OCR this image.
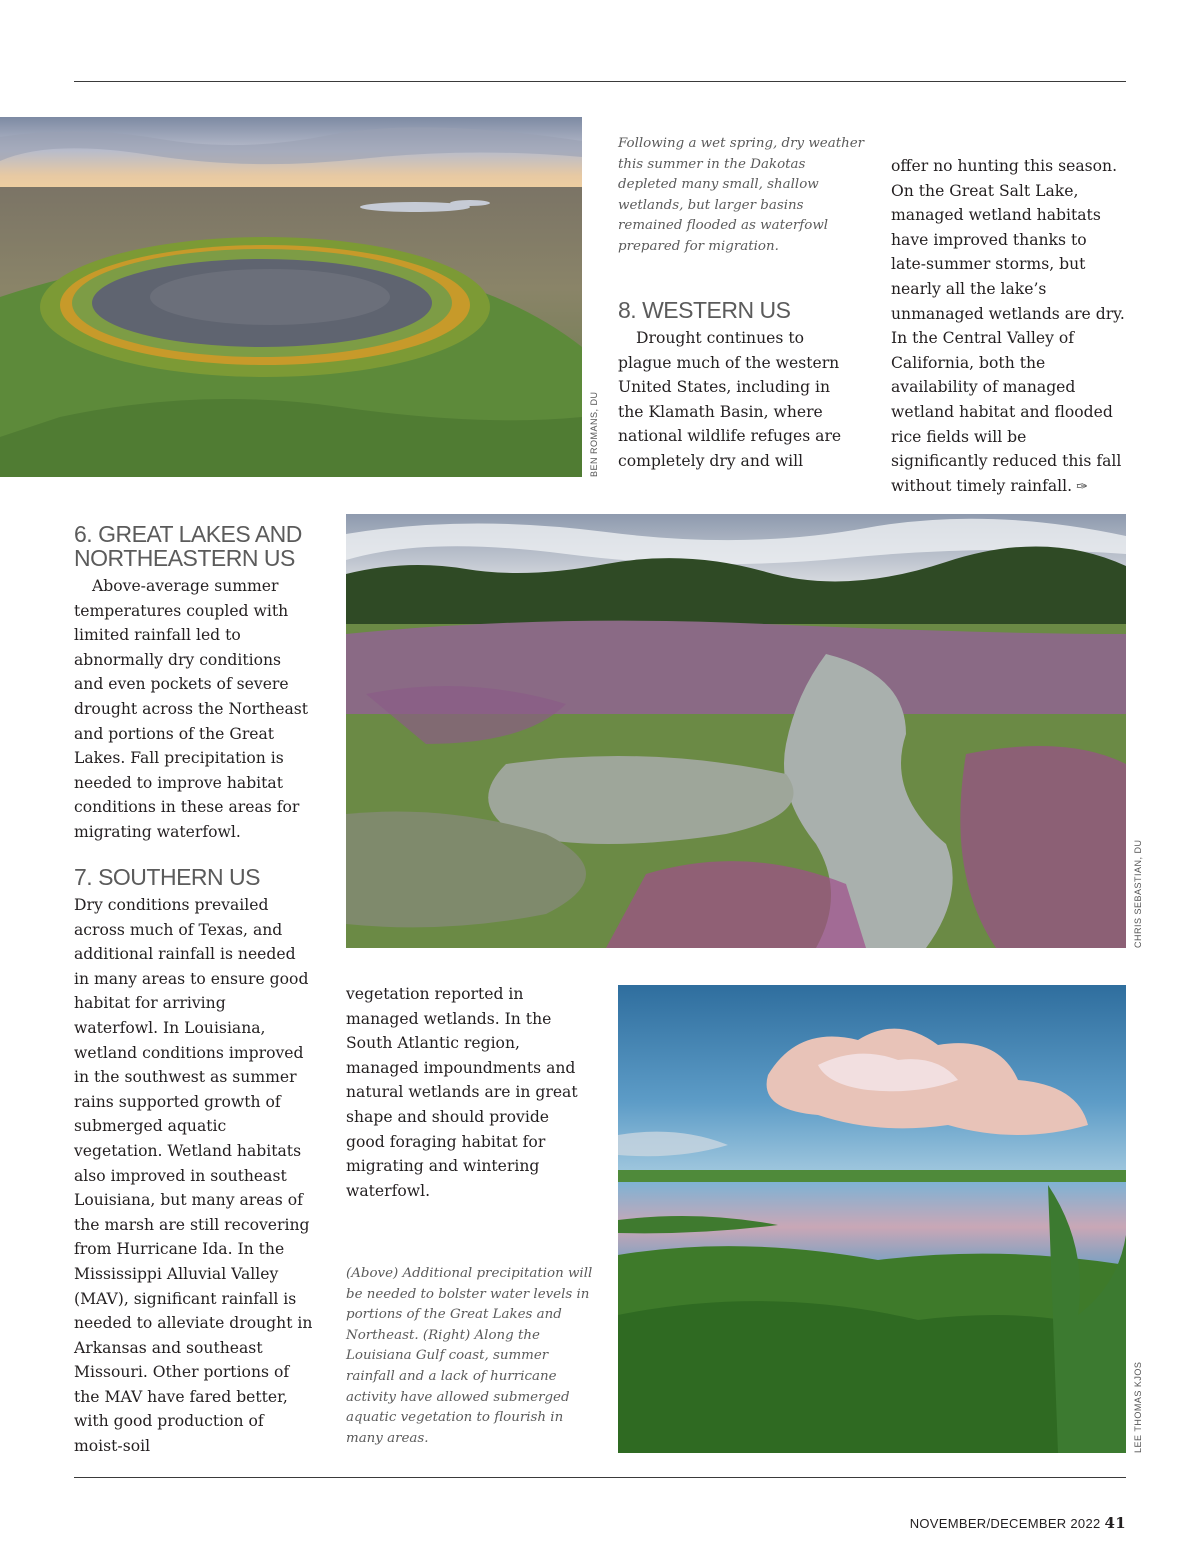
BEN ROMANS, DU
Following a wet spring, dry weather this summer in the Dakotas depleted many small, shallow wetlands, but larger basins remained flooded as waterfowl prepared for migration.
8. WESTERN US

Drought continues to plague much of the western United States, including in the Klamath Basin, where national wildlife refuges are completely dry and will

offer no hunting this season. On the Great Salt Lake, managed wetland habitats have improved thanks to late-summer storms, but nearly all the lake’s unmanaged wetlands are dry. In the Central Valley of California, both the availability of managed wetland habitat and flooded rice fields will be significantly reduced this fall without timely rainfall. ✑

6. GREAT LAKES AND NORTHEASTERN US

Above-average summer temperatures coupled with limited rainfall led to abnormally dry conditions and even pockets of severe drought across the Northeast and portions of the Great Lakes. Fall precipitation is needed to improve habitat conditions in these areas for migrating waterfowl.

7. SOUTHERN US

Dry conditions prevailed across much of Texas, and additional rainfall is needed in many areas to ensure good habitat for arriving waterfowl. In Louisiana, wetland conditions improved in the southwest as summer rains supported growth of submerged aquatic vegetation. Wetland habitats also improved in southeast Louisiana, but many areas of the marsh are still recovering from Hurricane Ida. In the Mississippi Alluvial Valley (MAV), significant rainfall is needed to alleviate drought in Arkansas and southeast Missouri. Other portions of the MAV have fared better, with good production of moist-soil

CHRIS SEBASTIAN, DU

vegetation reported in managed wetlands. In the South Atlantic region, managed impoundments and natural wetlands are in great shape and should provide good foraging habitat for migrating and wintering waterfowl.

(Above) Additional precipitation will be needed to bolster water levels in portions of the Great Lakes and Northeast. (Right) Along the Louisiana Gulf coast, summer rainfall and a lack of hurricane activity have allowed submerged aquatic vegetation to flourish in many areas.	LEE THOMAS KJOS
NOVEMBER/DECEMBER 2022 41
